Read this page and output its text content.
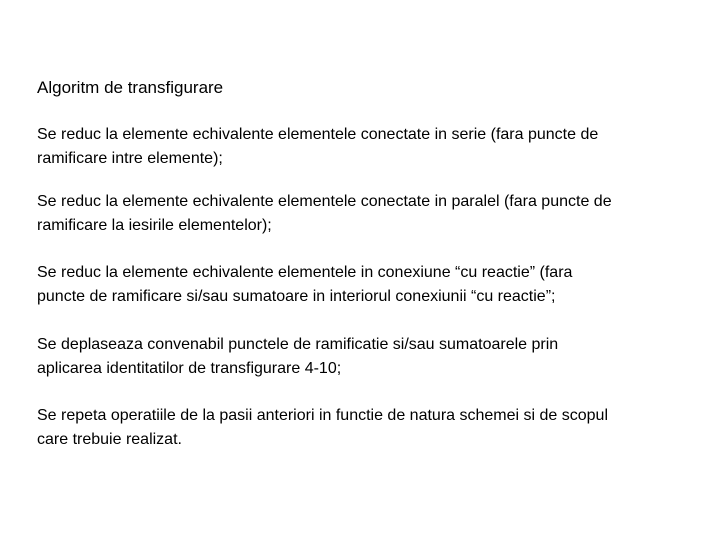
Algoritm de transfigurare

Se reduc la elemente echivalente elementele conectate in serie (fara puncte de
ramificare intre elemente);

Se reduc la elemente echivalente elementele conectate in paralel (fara puncte de
ramificare la iesirile elementelor);

Se reduc la elemente echivalente elementele in conexiune “cu reactie” (fara
puncte de ramificare si/sau sumatoare in interiorul conexiunii “cu reactie”;

Se deplaseaza convenabil punctele de ramificatie si/sau sumatoarele prin
aplicarea identitatilor de transfigurare 4-10;

Se repeta operatiile de la pasii anteriori in functie de natura schemei si de scopul
care trebuie realizat.
